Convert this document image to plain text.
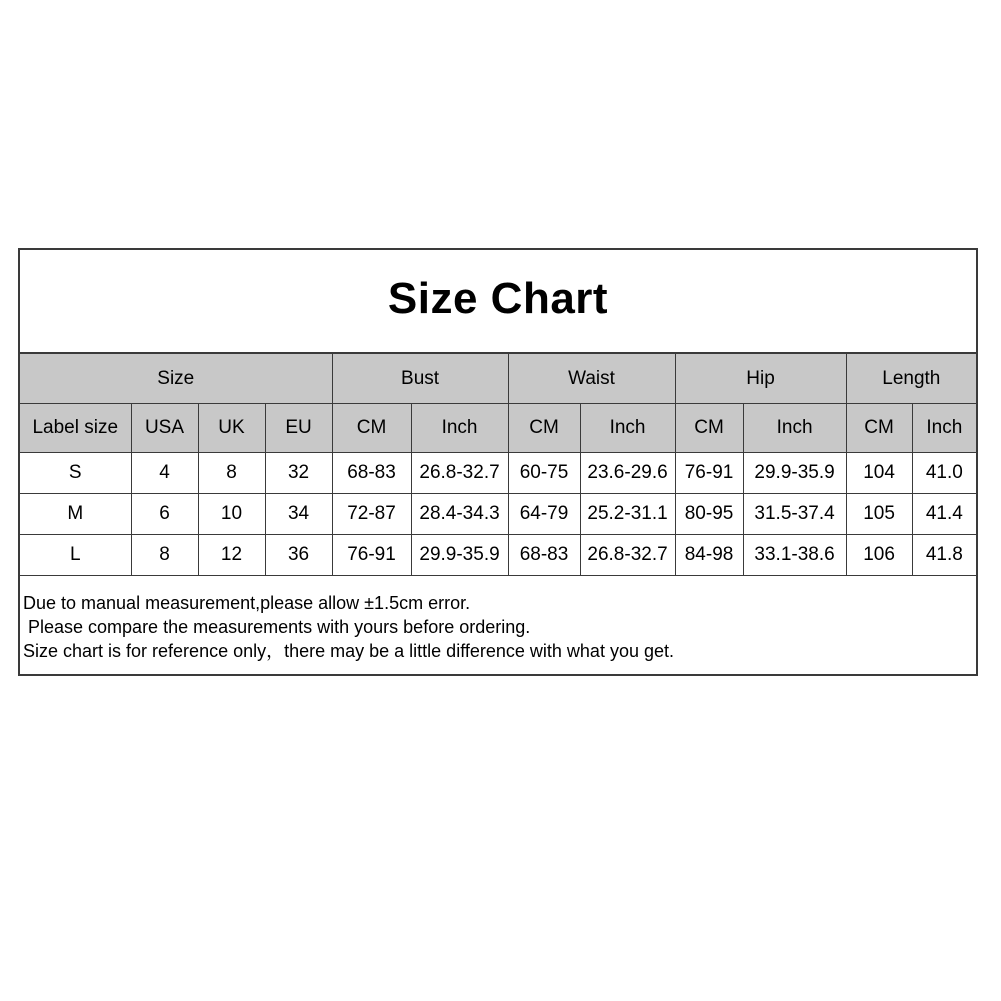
Size Chart
Size				Bust		Waist		Hip		Length	
Label size	USA	UK	EU	CM	Inch	CM	Inch	CM	Inch	CM	Inch
S	4	8	32	68-83	26.8-32.7	60-75	23.6-29.6	76-91	29.9-35.9	104	41.0
M	6	10	34	72-87	28.4-34.3	64-79	25.2-31.1	80-95	31.5-37.4	105	41.4
L	8	12	36	76-91	29.9-35.9	68-83	26.8-32.7	84-98	33.1-38.6	106	41.8
Due to manual measurement,please allow ±1.5cm error.
Please compare the measurements with yours before ordering.
Size chart is for reference only，there may be a little difference with what you get.
